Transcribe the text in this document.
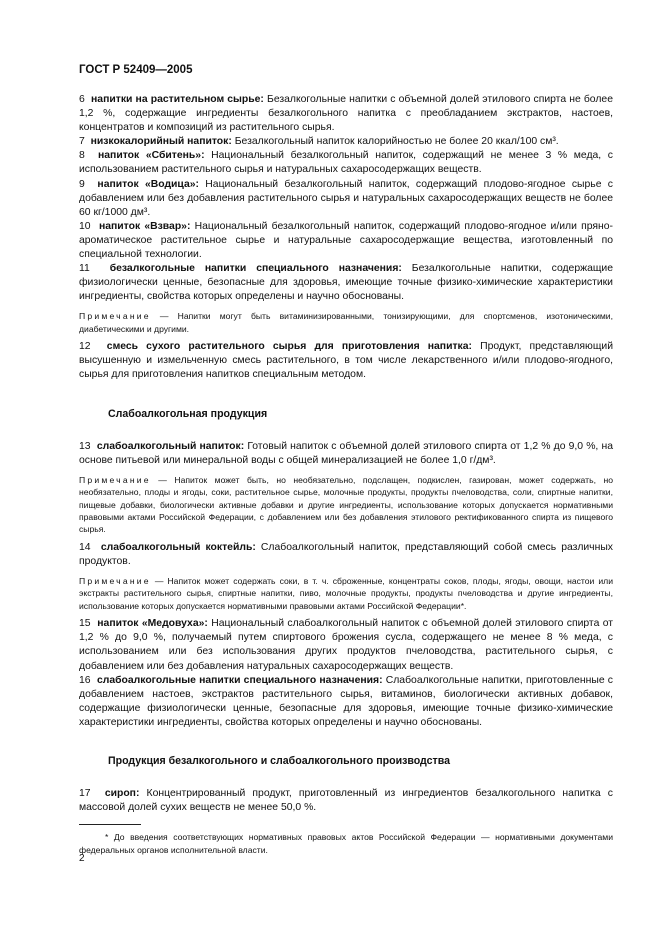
ГОСТ Р 52409—2005
6 напитки на растительном сырье: Безалкогольные напитки с объемной долей этилового спирта не более 1,2 %, содержащие ингредиенты безалкогольного напитка с преобладанием экстрактов, настоев, концентратов и композиций из растительного сырья.
7 низкокалорийный напиток: Безалкогольный напиток калорийностью не более 20 ккал/100 см³.
8 напиток «Сбитень»: Национальный безалкогольный напиток, содержащий не менее 3 % меда, с использованием растительного сырья и натуральных сахаросодержащих веществ.
9 напиток «Водица»: Национальный безалкогольный напиток, содержащий плодово-ягодное сырье с добавлением или без добавления растительного сырья и натуральных сахаросодержащих веществ не более 60 кг/1000 дм³.
10 напиток «Взвар»: Национальный безалкогольный напиток, содержащий плодово-ягодное и/или пряно-ароматическое растительное сырье и натуральные сахаросодержащие вещества, изготовленный по специальной технологии.
11 безалкогольные напитки специального назначения: Безалкогольные напитки, содержащие физиологически ценные, безопасные для здоровья, имеющие точные физико-химические характеристики ингредиенты, свойства которых определены и научно обоснованы.
Примечание — Напитки могут быть витаминизированными, тонизирующими, для спортсменов, изотоническими, диабетическими и другими.
12 смесь сухого растительного сырья для приготовления напитка: Продукт, представляющий высушенную и измельченную смесь растительного, в том числе лекарственного и/или плодово-ягодного, сырья для приготовления напитков специальным методом.
Слабоалкогольная продукция
13 слабоалкогольный напиток: Готовый напиток с объемной долей этилового спирта от 1,2 % до 9,0 %, на основе питьевой или минеральной воды с общей минерализацией не более 1,0 г/дм³.
Примечание — Напиток может быть, но необязательно, подслащен, подкислен, газирован, может содержать, но необязательно, плоды и ягоды, соки, растительное сырье, молочные продукты, продукты пчеловодства, соли, спиртные напитки, пищевые добавки, биологически активные добавки и другие ингредиенты, использование которых допускается нормативными правовыми актами Российской Федерации, с добавлением или без добавления этилового ректификованного спирта из пищевого сырья.
14 слабоалкогольный коктейль: Слабоалкогольный напиток, представляющий собой смесь различных продуктов.
Примечание — Напиток может содержать соки, в т. ч. сброженные, концентраты соков, плоды, ягоды, овощи, настои или экстракты растительного сырья, спиртные напитки, пиво, молочные продукты, продукты пчеловодства и другие ингредиенты, использование которых допускается нормативными правовыми актами Российской Федерации*.
15 напиток «Медовуха»: Национальный слабоалкогольный напиток с объемной долей этилового спирта от 1,2 % до 9,0 %, получаемый путем спиртового брожения сусла, содержащего не менее 8 % меда, с использованием или без использования других продуктов пчеловодства, растительного сырья, с добавлением или без добавления натуральных сахаросодержащих веществ.
16 слабоалкогольные напитки специального назначения: Слабоалкогольные напитки, приготовленные с добавлением настоев, экстрактов растительного сырья, витаминов, биологически активных добавок, содержащие физиологически ценные, безопасные для здоровья, имеющие точные физико-химические характеристики ингредиенты, свойства которых определены и научно обоснованы.
Продукция безалкогольного и слабоалкогольного производства
17 сироп: Концентрированный продукт, приготовленный из ингредиентов безалкогольного напитка с массовой долей сухих веществ не менее 50,0 %.
* До введения соответствующих нормативных правовых актов Российской Федерации — нормативными документами федеральных органов исполнительной власти.
2
